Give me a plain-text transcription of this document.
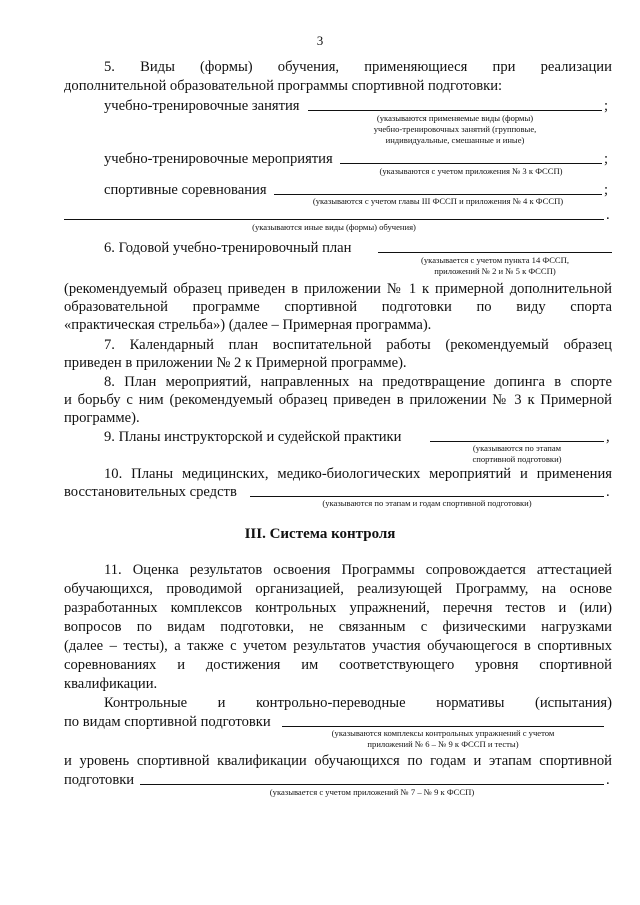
3
5. Виды (формы) обучения, применяющиеся при реализации
дополнительной образовательной программы спортивной подготовки:
учебно-тренировочные занятия	;
(указываются применяемые виды (формы)
учебно-тренировочных занятий (групповые,
индивидуальные, смешанные и иные)
учебно-тренировочные мероприятия	;
(указываются с учетом приложения № 3 к ФССП)
спортивные соревнования	;
(указываются с учетом главы III ФССП и приложения № 4 к ФССП)
.
(указываются иные виды (формы) обучения)
6. Годовой учебно-тренировочный план
(указывается с учетом пункта 14 ФССП,
приложений № 2 и № 5 к ФССП)
(рекомендуемый образец приведен в приложении № 1 к примерной дополнительной
образовательной программе спортивной подготовки по виду спорта
«практическая стрельба») (далее – Примерная программа).
7. Календарный план воспитательной работы (рекомендуемый образец
приведен в приложении № 2 к Примерной программе).
8. План мероприятий, направленных на предотвращение допинга в спорте
и борьбу с ним (рекомендуемый образец приведен в приложении № 3 к Примерной
программе).
9. Планы инструкторской и судейской практики	,
(указываются по этапам
спортивной подготовки)
10. Планы медицинских, медико-биологических мероприятий и применения
восстановительных средств	.
(указываются по этапам и годам спортивной подготовки)
III. Система контроля
11. Оценка результатов освоения Программы сопровождается аттестацией
обучающихся, проводимой организацией, реализующей Программу, на основе
разработанных комплексов контрольных упражнений, перечня тестов и (или)
вопросов по видам подготовки, не связанным с физическими нагрузками
(далее – тесты), а также с учетом результатов участия обучающегося в спортивных
соревнованиях и достижения им соответствующего уровня спортивной
квалификации.
Контрольные и контрольно-переводные нормативы (испытания)
по видам спортивной подготовки
(указываются комплексы контрольных упражнений с учетом
приложений № 6 – № 9 к ФССП и тесты)
и уровень спортивной квалификации обучающихся по годам и этапам спортивной
подготовки	.
(указывается с учетом приложений № 7 – № 9 к ФССП)
